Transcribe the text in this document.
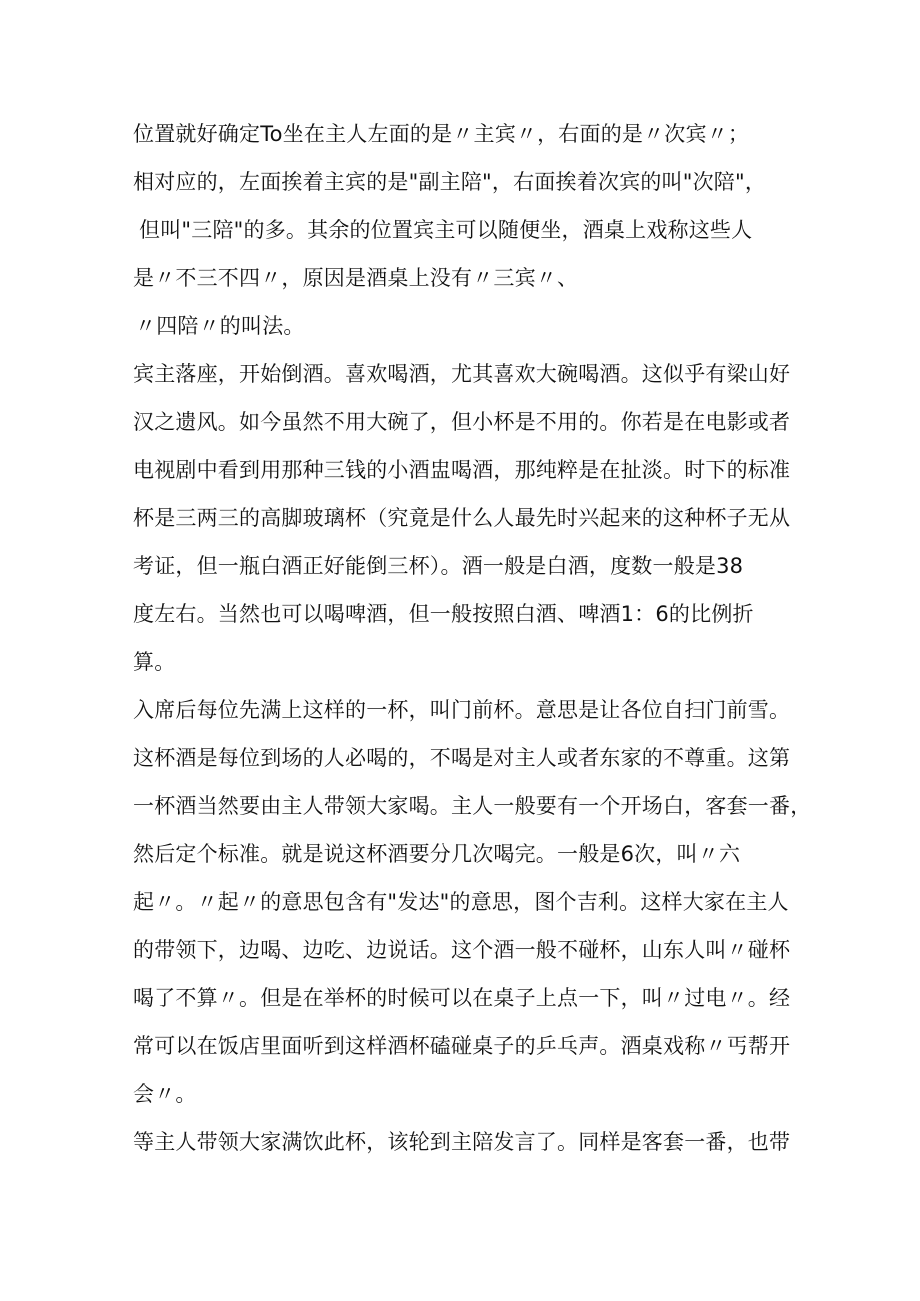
位置就好确定To坐在主人左面的是〃主宾〃，右面的是〃次宾〃；
相对应的，左面挨着主宾的是"副主陪"，右面挨着次宾的叫"次陪"，
但叫"三陪"的多。其余的位置宾主可以随便坐，酒桌上戏称这些人
是〃不三不四〃，原因是酒桌上没有〃三宾〃、
〃四陪〃的叫法。
宾主落座，开始倒酒。喜欢喝酒，尤其喜欢大碗喝酒。这似乎有梁山好
汉之遗风。如今虽然不用大碗了，但小杯是不用的。你若是在电影或者
电视剧中看到用那种三钱的小酒盅喝酒，那纯粹是在扯淡。时下的标准
杯是三两三的高脚玻璃杯（究竟是什么人最先时兴起来的这种杯子无从
考证，但一瓶白酒正好能倒三杯）。酒一般是白酒，度数一般是38
度左右。当然也可以喝啤酒，但一般按照白酒、啤酒1：6的比例折
算。
入席后每位先满上这样的一杯，叫门前杯。意思是让各位自扫门前雪。
这杯酒是每位到场的人必喝的，不喝是对主人或者东家的不尊重。这第
一杯酒当然要由主人带领大家喝。主人一般要有一个开场白，客套一番，
然后定个标准。就是说这杯酒要分几次喝完。一般是6次，叫〃六
起〃。〃起〃的意思包含有"发达"的意思，图个吉利。这样大家在主人
的带领下，边喝、边吃、边说话。这个酒一般不碰杯，山东人叫〃碰杯
喝了不算〃。但是在举杯的时候可以在桌子上点一下，叫〃过电〃。经
常可以在饭店里面听到这样酒杯磕碰桌子的乒乓声。酒桌戏称〃丐帮开
会〃。
等主人带领大家满饮此杯，该轮到主陪发言了。同样是客套一番，也带
